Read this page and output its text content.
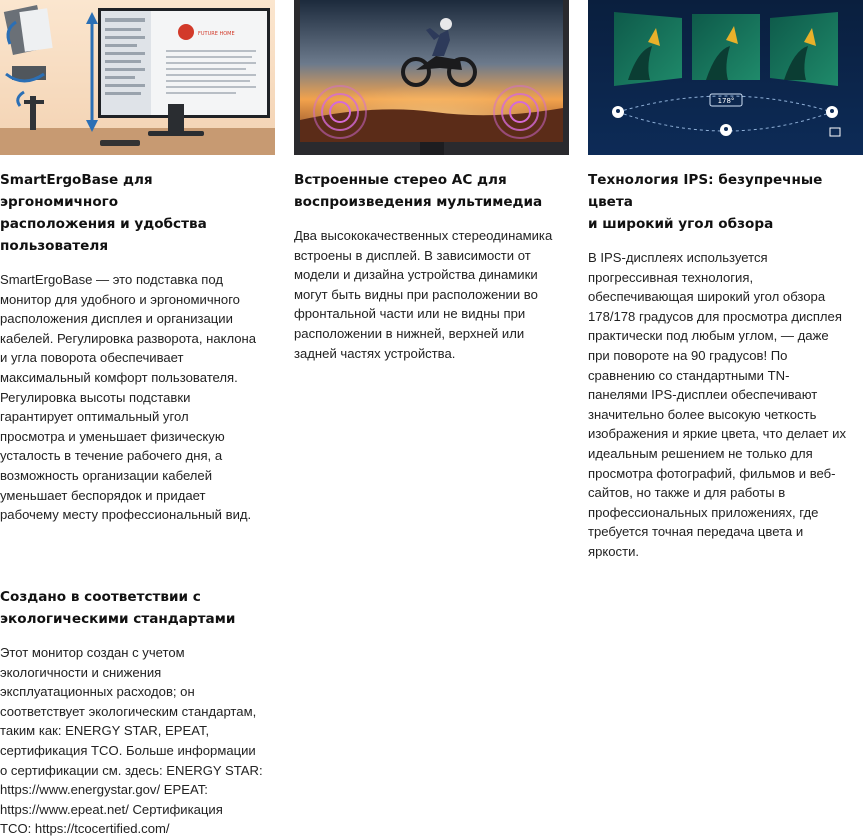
FUTURE HOME
SmartErgoBase для эргономичного
расположения и удобства
пользователя
SmartErgoBase — это подставка под
монитор для удобного и эргономичного
расположения дисплея и организации
кабелей. Регулировка разворота, наклона
и угла поворота обеспечивает
максимальный комфорт пользователя.
Регулировка высоты подставки
гарантирует оптимальный угол
просмотра и уменьшает физическую
усталость в течение рабочего дня, а
возможность организации кабелей
уменьшает беспорядок и придает
рабочему месту профессиональный вид.
Встроенные стерео АС для
воспроизведения мультимедиа
Два высококачественных стереодинамика
встроены в дисплей. В зависимости от
модели и дизайна устройства динамики
могут быть видны при расположении во
фронтальной части или не видны при
расположении в нижней, верхней или
задней частях устройства.
178°
Технология IPS: безупречные цвета
и широкий угол обзора
В IPS-дисплеях используется
прогрессивная технология,
обеспечивающая широкий угол обзора
178/178 градусов для просмотра дисплея
практически под любым углом, — даже
при повороте на 90 градусов! По
сравнению со стандартными TN-
панелями IPS-дисплеи обеспечивают
значительно более высокую четкость
изображения и яркие цвета, что делает их
идеальным решением не только для
просмотра фотографий, фильмов и веб-
сайтов, но также и для работы в
профессиональных приложениях, где
требуется точная передача цвета и
яркости.
Создано в соответствии с
экологическими стандартами
Этот монитор создан с учетом
экологичности и снижения
эксплуатационных расходов; он
соответствует экологическим стандартам,
таким как: ENERGY STAR, EPEAT,
сертификация TCO. Больше информации
о сертификации см. здесь: ENERGY STAR:
https://www.energystar.gov/ EPEAT:
https://www.epeat.net/ Сертификация
TCO: https://tcocertified.com/
